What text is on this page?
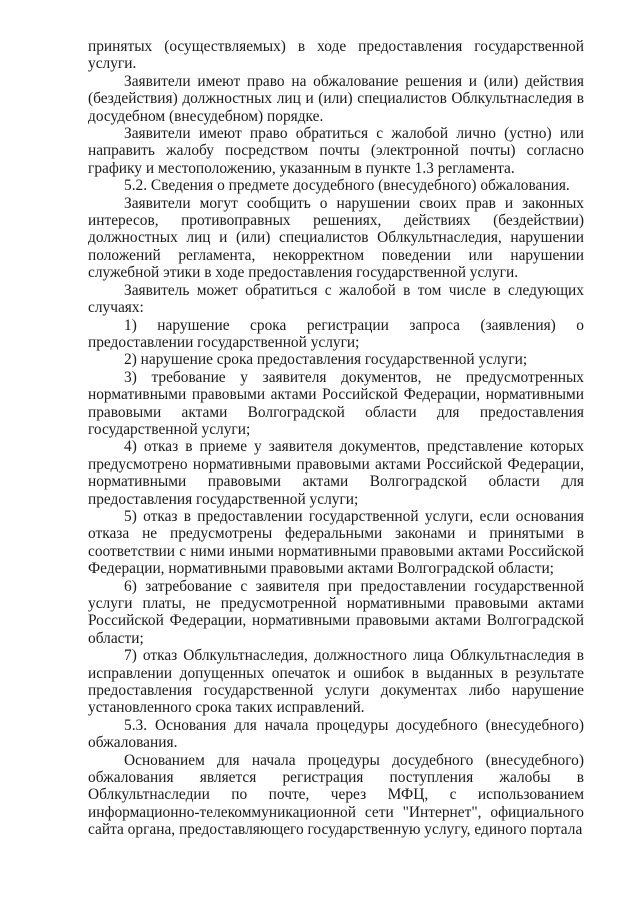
принятых (осуществляемых) в ходе предоставления государственной услуги.

Заявители имеют право на обжалование решения и (или) действия (бездействия) должностных лиц и (или) специалистов Облкультнаследия в досудебном (внесудебном) порядке.

Заявители имеют право обратиться с жалобой лично (устно) или направить жалобу посредством почты (электронной почты) согласно графику и местоположению, указанным в пункте 1.3 регламента.

5.2. Сведения о предмете досудебного (внесудебного) обжалования.

Заявители могут сообщить о нарушении своих прав и законных интересов, противоправных решениях, действиях (бездействии) должностных лиц и (или) специалистов Облкультнаследия, нарушении положений регламента, некорректном поведении или нарушении служебной этики в ходе предоставления государственной услуги.

Заявитель может обратиться с жалобой в том числе в следующих случаях:

1) нарушение срока регистрации запроса (заявления) о предоставлении государственной услуги;

2) нарушение срока предоставления государственной услуги;

3) требование у заявителя документов, не предусмотренных нормативными правовыми актами Российской Федерации, нормативными правовыми актами Волгоградской области для предоставления государственной услуги;

4) отказ в приеме у заявителя документов, представление которых предусмотрено нормативными правовыми актами Российской Федерации, нормативными правовыми актами Волгоградской области для предоставления государственной услуги;

5) отказ в предоставлении государственной услуги, если основания отказа не предусмотрены федеральными законами и принятыми в соответствии с ними иными нормативными правовыми актами Российской Федерации, нормативными правовыми актами Волгоградской области;

6) затребование с заявителя при предоставлении государственной услуги платы, не предусмотренной нормативными правовыми актами Российской Федерации, нормативными правовыми актами Волгоградской области;

7) отказ Облкультнаследия, должностного лица Облкультнаследия в исправлении допущенных опечаток и ошибок в выданных в результате предоставления государственной услуги документах либо нарушение установленного срока таких исправлений.

5.3. Основания для начала процедуры досудебного (внесудебного) обжалования.

Основанием для начала процедуры досудебного (внесудебного) обжалования является регистрация поступления жалобы в Облкультнаследии по почте, через МФЦ, с использованием информационно-телекоммуникационной сети "Интернет", официального сайта органа, предоставляющего государственную услугу, единого портала
